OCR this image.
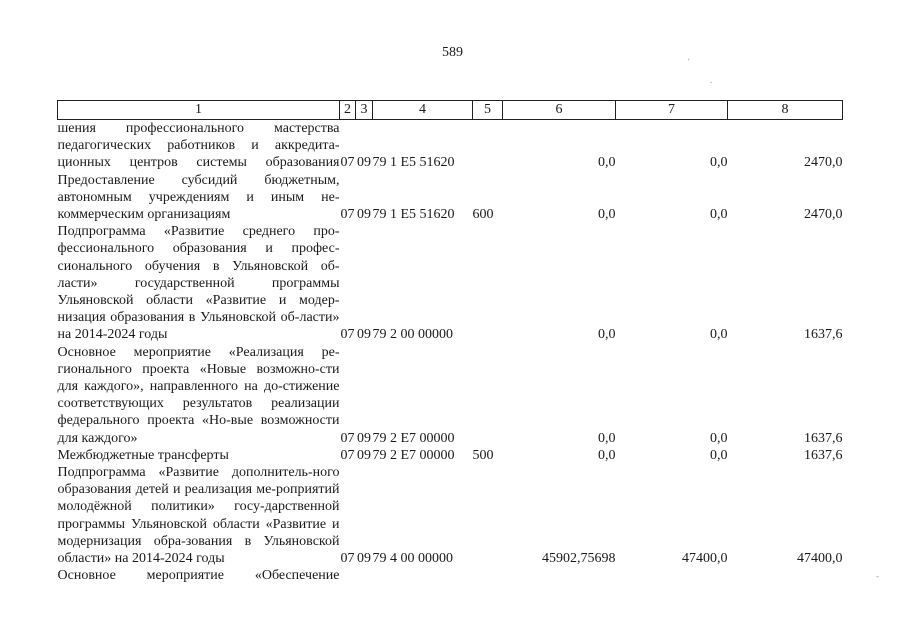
589
'
.
-
1	2	3	4	5	6	7	8
шения профессионального мастерства педагогических работников и аккредита-ционных центров системы образования	07	09	79 1 E5 51620		0,0	0,0	2470,0
Предоставление субсидий бюджетным, автономным учреждениям и иным не-коммерческим организациям	07	09	79 1 E5 51620	600	0,0	0,0	2470,0
Подпрограмма «Развитие среднего про-фессионального образования и профес-сионального обучения в Ульяновской об-ласти» государственной программы Ульяновской области «Развитие и модер-низация образования в Ульяновской об-ласти» на 2014-2024 годы	07	09	79 2 00 00000		0,0	0,0	1637,6
Основное мероприятие «Реализация ре-гионального проекта «Новые возможно-сти для каждого», направленного на до-стижение соответствующих результатов реализации федерального проекта «Но-вые возможности для каждого»	07	09	79 2 E7 00000		0,0	0,0	1637,6
Межбюджетные трансферты	07	09	79 2 E7 00000	500	0,0	0,0	1637,6
Подпрограмма «Развитие дополнитель-ного образования детей и реализация ме-роприятий молодёжной политики» госу-дарственной программы Ульяновской области «Развитие и модернизация обра-зования в Ульяновской области» на 2014-2024 годы	07	09	79 4 00 00000		45902,75698	47400,0	47400,0
Основное мероприятие «Обеспечение							
